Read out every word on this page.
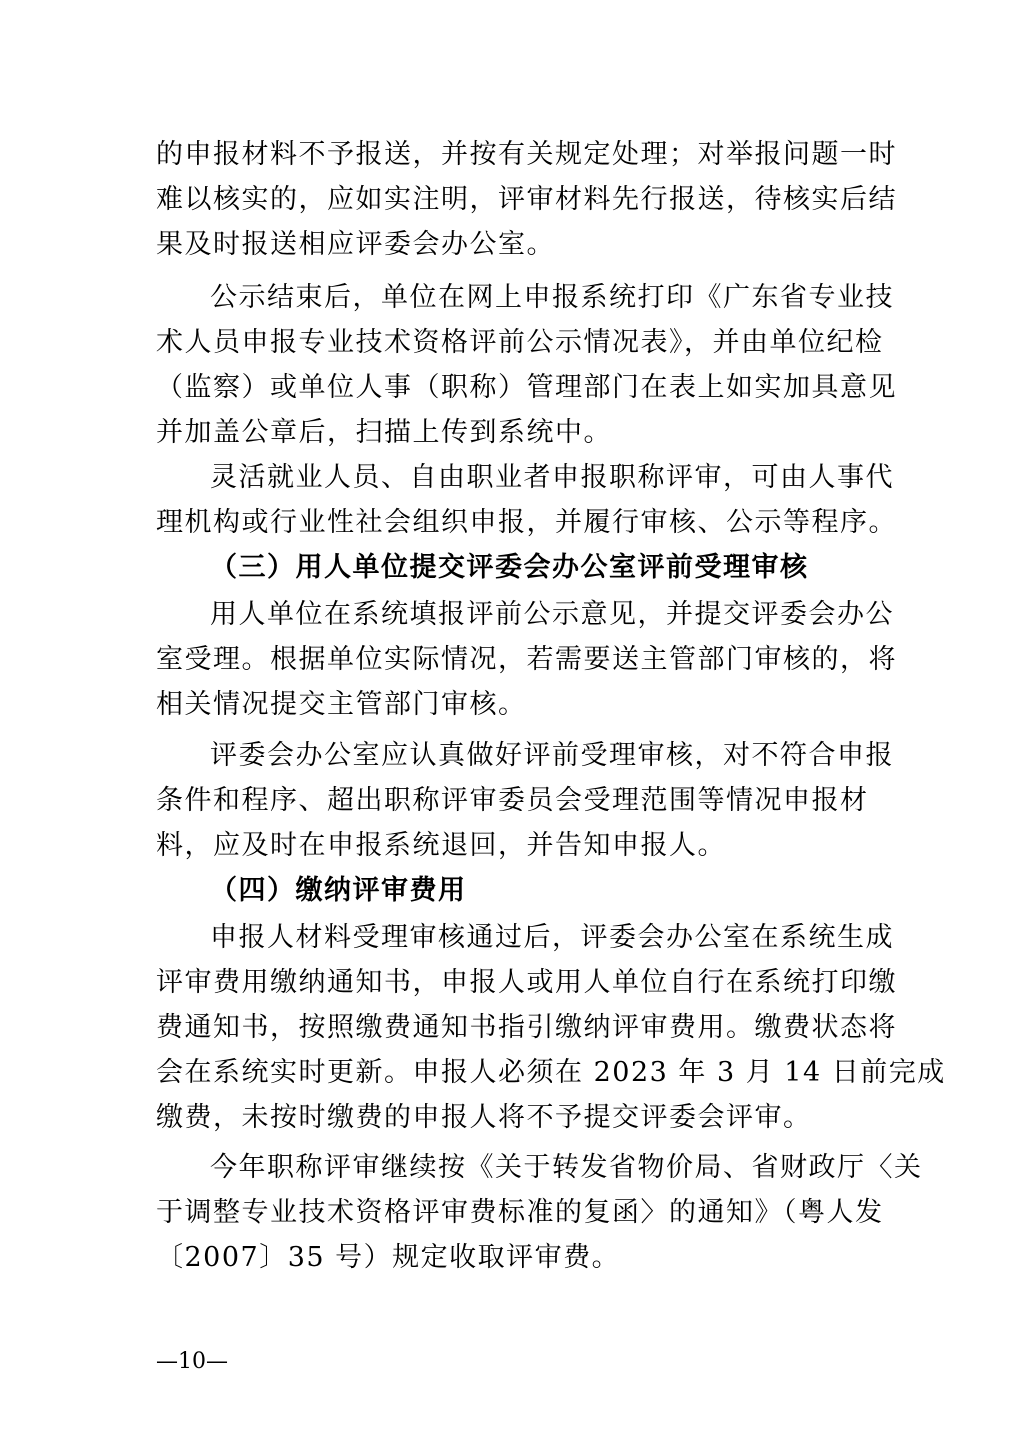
的申报材料不予报送，并按有关规定处理；对举报问题一时
难以核实的，应如实注明，评审材料先行报送，待核实后结
果及时报送相应评委会办公室。
公示结束后，单位在网上申报系统打印《广东省专业技
术人员申报专业技术资格评前公示情况表》，并由单位纪检
（监察）或单位人事（职称）管理部门在表上如实加具意见
并加盖公章后，扫描上传到系统中。
灵活就业人员、自由职业者申报职称评审，可由人事代
理机构或行业性社会组织申报，并履行审核、公示等程序。
（三）用人单位提交评委会办公室评前受理审核
用人单位在系统填报评前公示意见，并提交评委会办公
室受理。根据单位实际情况，若需要送主管部门审核的，将
相关情况提交主管部门审核。
评委会办公室应认真做好评前受理审核，对不符合申报
条件和程序、超出职称评审委员会受理范围等情况申报材
料，应及时在申报系统退回，并告知申报人。
（四）缴纳评审费用
申报人材料受理审核通过后，评委会办公室在系统生成
评审费用缴纳通知书，申报人或用人单位自行在系统打印缴
费通知书，按照缴费通知书指引缴纳评审费用。缴费状态将
会在系统实时更新。申报人必须在 2023 年 3 月 14 日前完成
缴费，未按时缴费的申报人将不予提交评委会评审。
今年职称评审继续按《关于转发省物价局、省财政厅〈关
于调整专业技术资格评审费标准的复函〉的通知》（粤人发
〔2007〕35 号）规定收取评审费。
—10—
